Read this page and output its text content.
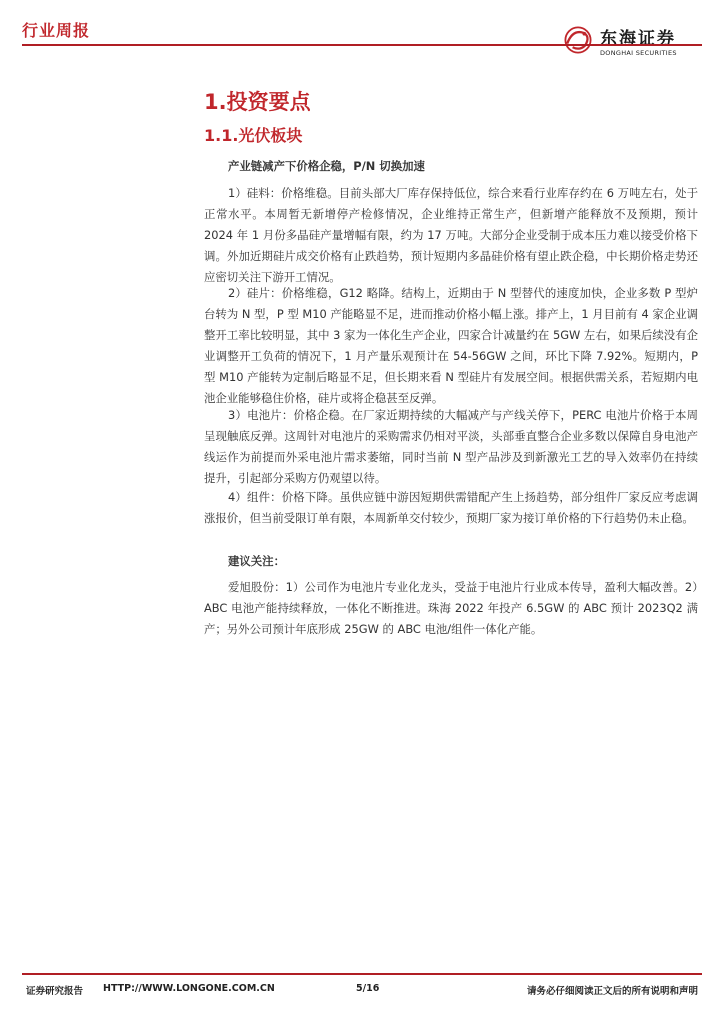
行业周报	东海证券
DONGHAI SECURITIES
1.投资要点
1.1.光伏板块
产业链减产下价格企稳，P/N 切换加速

1）硅料：价格维稳。目前头部大厂库存保持低位，综合来看行业库存约在 6 万吨左右，处于正常水平。本周暂无新增停产检修情况，企业维持正常生产，但新增产能释放不及预期，预计 2024 年 1 月份多晶硅产量增幅有限，约为 17 万吨。大部分企业受制于成本压力难以接受价格下调。外加近期硅片成交价格有止跌趋势，预计短期内多晶硅价格有望止跌企稳，中长期价格走势还应密切关注下游开工情况。

2）硅片：价格维稳，G12 略降。结构上，近期由于 N 型替代的速度加快，企业多数 P 型炉台转为 N 型，P 型 M10 产能略显不足，进而推动价格小幅上涨。排产上，1 月目前有 4 家企业调整开工率比较明显，其中 3 家为一体化生产企业，四家合计减量约在 5GW 左右，如果后续没有企业调整开工负荷的情况下，1 月产量乐观预计在 54-56GW 之间，环比下降 7.92%。短期内，P 型 M10 产能转为定制后略显不足，但长期来看 N 型硅片有发展空间。根据供需关系，若短期内电池企业能够稳住价格，硅片或将企稳甚至反弹。

3）电池片：价格企稳。在厂家近期持续的大幅减产与产线关停下，PERC 电池片价格于本周呈现触底反弹。这周针对电池片的采购需求仍相对平淡，头部垂直整合企业多数以保障自身电池产线运作为前提而外采电池片需求萎缩，同时当前 N 型产品涉及到新激光工艺的导入效率仍在持续提升，引起部分采购方仍观望以待。

4）组件：价格下降。虽供应链中游因短期供需错配产生上扬趋势，部分组件厂家反应考虑调涨报价，但当前受限订单有限，本周新单交付较少，预期厂家为接订单价格的下行趋势仍未止稳。

建议关注：

爱旭股份：1）公司作为电池片专业化龙头，受益于电池片行业成本传导，盈利大幅改善。2）ABC 电池产能持续释放，一体化不断推进。珠海 2022 年投产 6.5GW 的 ABC 预计 2023Q2 满产；另外公司预计年底形成 25GW 的 ABC 电池/组件一体化产能。

证券研究报告 HTTP://WWW.LONGONE.COM.CN	5/16	请务必仔细阅读正文后的所有说明和声明
